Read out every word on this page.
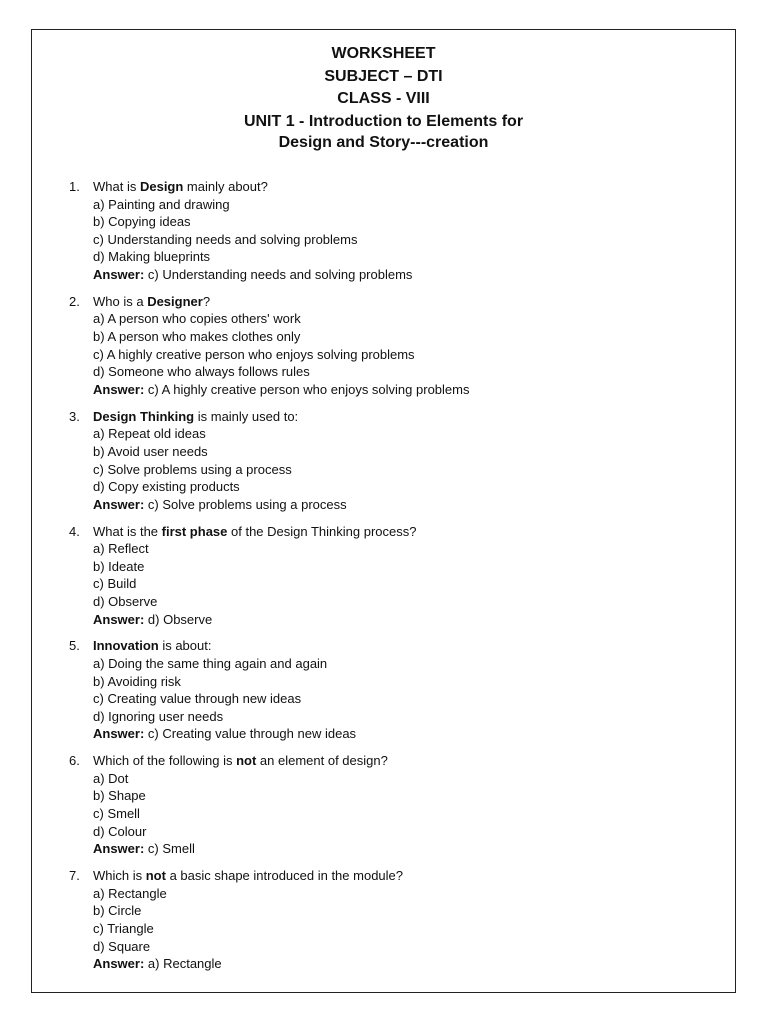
WORKSHEET
SUBJECT – DTI
CLASS - VIII
UNIT 1 - Introduction to Elements for
Design and Story---creation
1. What is Design mainly about?
a) Painting and drawing
b) Copying ideas
c) Understanding needs and solving problems
d) Making blueprints
Answer: c) Understanding needs and solving problems
2. Who is a Designer?
a) A person who copies others' work
b) A person who makes clothes only
c) A highly creative person who enjoys solving problems
d) Someone who always follows rules
Answer: c) A highly creative person who enjoys solving problems
3. Design Thinking is mainly used to:
a) Repeat old ideas
b) Avoid user needs
c) Solve problems using a process
d) Copy existing products
Answer: c) Solve problems using a process
4. What is the first phase of the Design Thinking process?
a) Reflect
b) Ideate
c) Build
d) Observe
Answer: d) Observe
5. Innovation is about:
a) Doing the same thing again and again
b) Avoiding risk
c) Creating value through new ideas
d) Ignoring user needs
Answer: c) Creating value through new ideas
6. Which of the following is not an element of design?
a) Dot
b) Shape
c) Smell
d) Colour
Answer: c) Smell
7. Which is not a basic shape introduced in the module?
a) Rectangle
b) Circle
c) Triangle
d) Square
Answer: a) Rectangle
